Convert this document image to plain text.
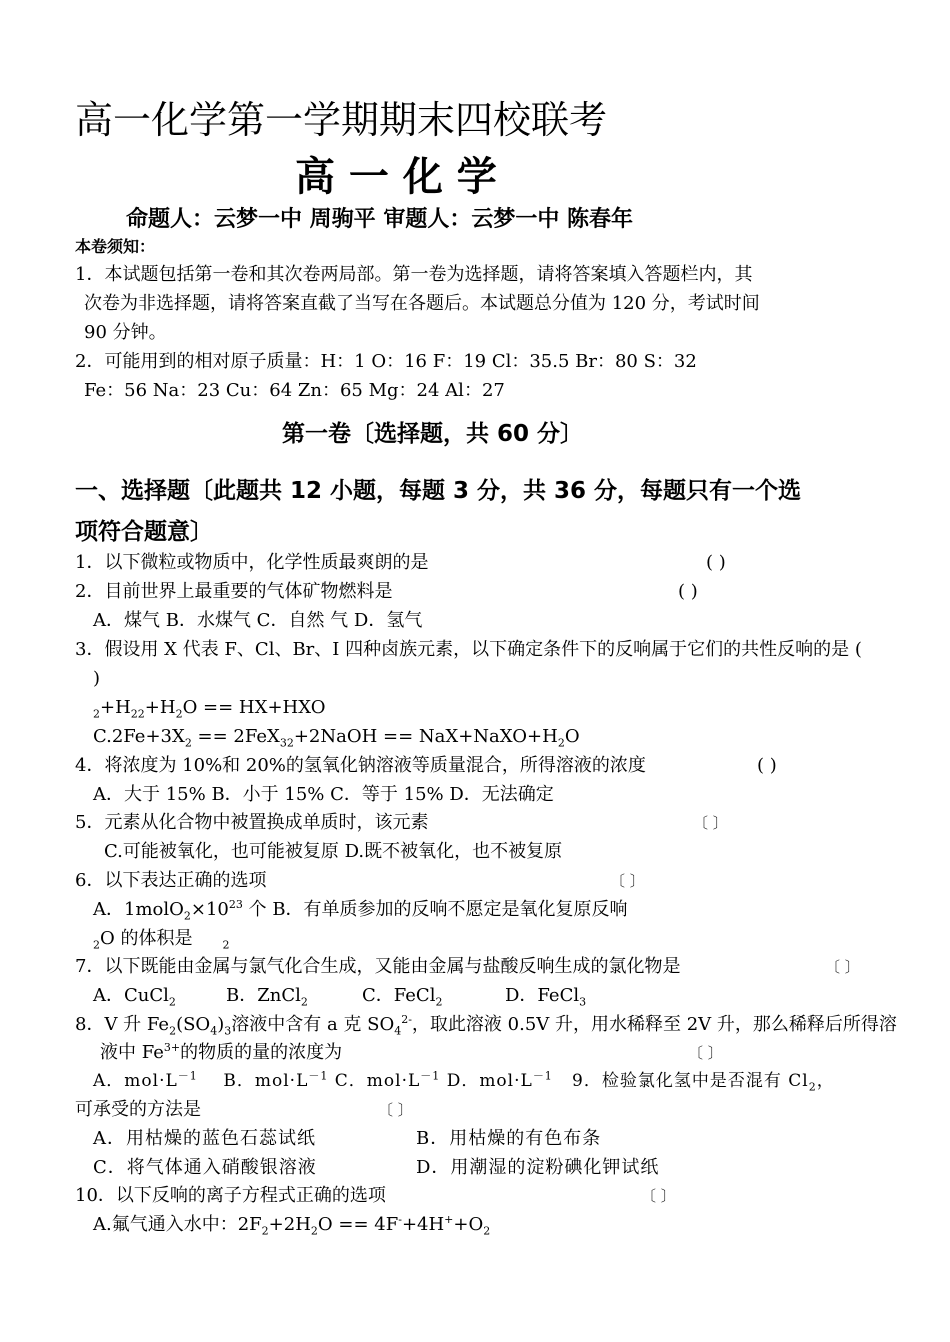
高一化学第一学期期末四校联考
高 一 化 学
命题人：云梦一中 周驹平 审题人：云梦一中 陈春年
本卷须知：
1．本试题包括第一卷和其次卷两局部。第一卷为选择题，请将答案填入答题栏内，其
次卷为非选择题，请将答案直截了当写在各题后。本试题总分值为 120 分，考试时间
90 分钟。
2．可能用到的相对原子质量：H：1 O：16 F：19 Cl：35.5 Br：80 S：32
Fe：56 Na：23 Cu：64 Zn：65 Mg：24 Al：27
第一卷〔选择题，共 60 分〕
一、选择题〔此题共 12 小题，每题 3 分，共 36 分，每题只有一个选
项符合题意〕
1．以下微粒或物质中，化学性质最爽朗的是	( )
2．目前世界上最重要的气体矿物燃料是	( )
A．煤气 B．水煤气 C．自然 气 D．氢气
3．假设用 X 代表 F、Cl、Br、I 四种卤族元素，以下确定条件下的反响属于它们的共性反响的是 (
)
$_2+H_{22}+H_2O == HX+HXO$
$C.2Fe+3X_2$ == 2FeX$_{32}$+2NaOH == $NaX+NaXO+H_2O$
4．将浓度为 10%和 20%的氢氧化钠溶液等质量混合，所得溶液的浓度	( )
A．大于 15% B．小于 15% C．等于 15% D．无法确定
5．元素从化合物中被置换成单质时，该元素	〔 〕
C.可能被氧化，也可能被复原 D.既不被氧化，也不被复原
6．以下表达正确的选项	〔 〕
A．$1molO_2\times 10^{23}$ 个 B．有单质参加的反响不愿定是氧化复原反响
$_2$O 的体积是	$_2$
7．以下既能由金属与氯气化合生成，又能由金属与盐酸反响生成的氯化物是	〔 〕
A．CuCl$_2$	B．ZnCl$_2$	C．FeCl$_2$	D．FeCl$_3$
8．V 升 $Fe_2(SO_4)_3$溶液中含有 a 克 $SO_4^{2-}$，取此溶液 0.5V 升，用水稀释至 2V 升，那么稀释后所得溶
液中 $Fe^{3+}$的物质的量的浓度为	〔 〕
A．$mol\cdot L^{-1}$ B．$mol\cdot L^{-1}$ C．$mol\cdot L^{-1}$ D．$mol\cdot L^{-1}$ 9．检验氯化氢中是否混有 $Cl_2$，
可承受的方法是	〔 〕
A．用枯燥的蓝色石蕊试纸	B．用枯燥的有色布条
C．将气体通入硝酸银溶液	D．用潮湿的淀粉碘化钾试纸
10．以下反响的离子方程式正确的选项	〔 〕
A.氟气通入水中：$2F_2+2H_2O == 4F^-+4H^++O_2$
